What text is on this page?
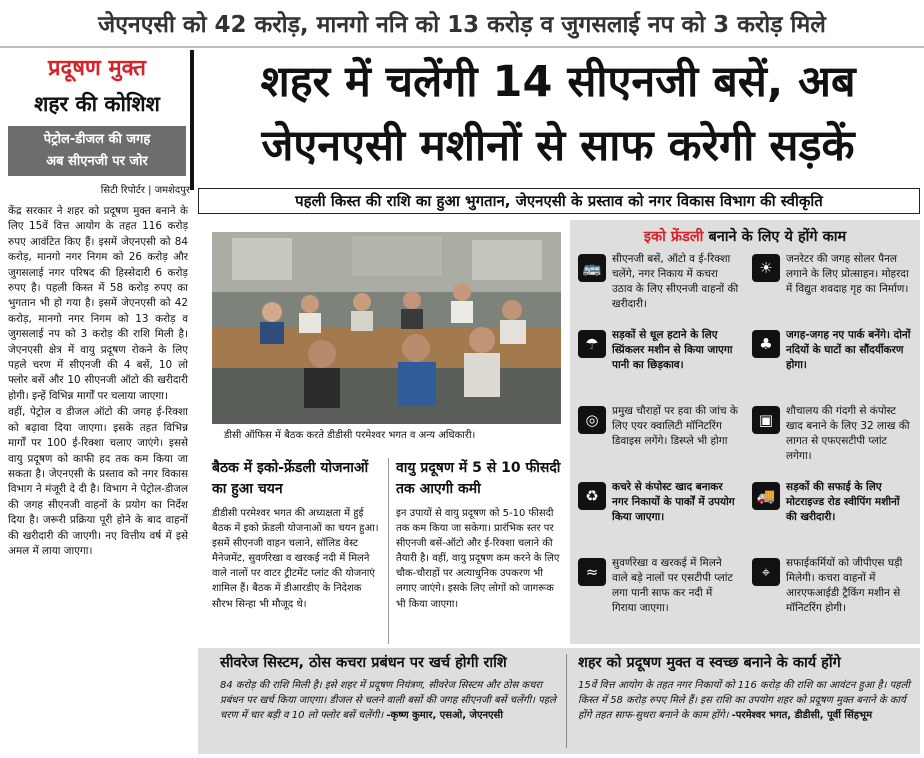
जेएनएसी को 42 करोड़, मानगो ननि को 13 करोड़ व जुगसलाई नप को 3 करोड़ मिले
प्रदूषण मुक्त
शहर की कोशिश
पेट्रोल-डीजल की जगह
अब सीएनजी पर जोर
शहर में चलेंगी 14 सीएनजी बसें, अब
जेएनएसी मशीनों से साफ करेगी सड़कें
सिटी रिपोर्टर | जमशेदपुर

केंद्र सरकार ने शहर को प्रदूषण मुक्त बनाने के लिए 15वें वित्त आयोग के तहत 116 करोड़ रुपए आवंटित किए हैं। इसमें जेएनएसी को 84 करोड़, मानगो नगर निगम को 26 करोड़ और जुगसलाई नगर परिषद की हिस्सेदारी 6 करोड़ रुपए है। पहली किस्त में 58 करोड़ रुपए का भुगतान भी हो गया है। इसमें जेएनएसी को 42 करोड़, मानगो नगर निगम को 13 करोड़ व जुगसलाई नप को 3 करोड़ की राशि मिली है। जेएनएसी क्षेत्र में वायु प्रदूषण रोकने के लिए पहले चरण में सीएनजी की 4 बसें, 10 लो फ्लोर बसें और 10 सीएनजी ऑटो की खरीदारी होगी। इन्हें विभिन्न मार्गों पर चलाया जाएगा।

वहीं, पेट्रोल व डीजल ऑटो की जगह ई-रिक्शा को बढ़ावा दिया जाएगा। इसके तहत विभिन्न मार्गों पर 100 ई-रिक्शा चलाए जाएंगे। इससे वायु प्रदूषण को काफी हद तक कम किया जा सकता है। जेएनएसी के प्रस्ताव को नगर विकास विभाग ने मंजूरी दे दी है। विभाग ने पेट्रोल-डीजल की जगह सीएनजी वाहनों के प्रयोग का निर्देश दिया है। जरूरी प्रक्रिया पूरी होने के बाद वाहनों की खरीदारी की जाएगी। नए वित्तीय वर्ष में इसे अमल में लाया जाएगा।

पहली किस्त की राशि का हुआ भुगतान, जेएनएसी के प्रस्ताव को नगर विकास विभाग की स्वीकृति
डीसी ऑफिस में बैठक करते डीडीसी परमेश्वर भगत व अन्य अधिकारी।
बैठक में इको-फ्रेंडली योजनाओं का हुआ चयन
डीडीसी परमेश्वर भगत की अध्यक्षता में हुई बैठक में इको फ्रेंडली योजनाओं का चयन हुआ। इसमें सीएनजी वाहन चलाने, सॉलिड वेस्ट मैनेजमेंट, सुवर्णरेखा व खरकई नदी में मिलने वाले नालों पर वाटर ट्रीटमेंट प्लांट की योजनाएं शामिल हैं। बैठक में डीआरडीए के निदेशक सौरभ सिन्हा भी मौजूद थे।
वायु प्रदूषण में 5 से 10 फीसदी तक आएगी कमी
इन उपायों से वायु प्रदूषण को 5-10 फीसदी तक कम किया जा सकेगा। प्रारंभिक स्तर पर सीएनजी बसें-ऑटो और ई-रिक्शा चलाने की तैयारी है। वहीं, वायु प्रदूषण कम करने के लिए चौक-चौराहों पर अत्याधुनिक उपकरण भी लगाए जाएंगे। इसके लिए लोगों को जागरूक भी किया जाएगा।
इको फ्रेंडली बनाने के लिए ये होंगे काम
🚌	सीएनजी बसें, ऑटो व ई-रिक्शा चलेंगे, नगर निकाय में कचरा उठाव के लिए सीएनजी वाहनों की खरीदारी।
☀	जनरेटर की जगह सोलर पैनल लगाने के लिए प्रोत्साहन। मोहरदा में विद्युत शवदाह गृह का निर्माण।
☂	सड़कों से धूल हटाने के लिए स्प्रिंकलर मशीन से किया जाएगा पानी का छिड़काव।
♣	जगह-जगह नए पार्क बनेंगे। दोनों नदियों के घाटों का सौंदर्यीकरण होगा।
◎	प्रमुख चौराहों पर हवा की जांच के लिए एयर क्वालिटी मॉनिटरिंग डिवाइस लगेंगे। डिस्प्ले भी होगा
▣	शौचालय की गंदगी से कंपोस्ट खाद बनाने के लिए 32 लाख की लागत से एफएसटीपी प्लांट लगेगा।
♻	कचरे से कंपोस्ट खाद बनाकर नगर निकायों के पार्कों में उपयोग किया जाएगा।
🚚	सड़कों की सफाई के लिए मोटराइज्ड रोड स्वीपिंग मशीनों की खरीदारी।
≈	सुवर्णरेखा व खरकई में मिलने वाले बड़े नालों पर एसटीपी प्लांट लगा पानी साफ कर नदी में गिराया जाएगा।
⌖	सफाईकर्मियों को जीपीएस घड़ी मिलेगी। कचरा वाहनों में आरएफआईडी ट्रैकिंग मशीन से मॉनिटरिंग होगी।
सीवरेज सिस्टम, ठोस कचरा प्रबंधन पर खर्च होगी राशि
84 करोड़ की राशि मिली है। इसे शहर में प्रदूषण नियंत्रण, सीवरेज सिस्टम और ठोस कचरा प्रबंधन पर खर्च किया जाएगा। डीजल से चलने वाली बसों की जगह सीएनजी बसें चलेंगी। पहले चरण में चार बड़ी व 10 लो फ्लोर बसें चलेंगी। -कृष्ण कुमार, एसओ, जेएनएसी
शहर को प्रदूषण मुक्त व स्वच्छ बनाने के कार्य होंगे
15वें वित्त आयोग के तहत नगर निकायों को 116 करोड़ की राशि का आवंटन हुआ है। पहली किस्त में 58 करोड़ रुपए मिले हैं। इस राशि का उपयोग शहर को प्रदूषण मुक्त बनाने के कार्य होंगे तहत साफ-सुथरा बनाने के काम होंगे। -परमेश्वर भगत, डीडीसी, पूर्वी सिंहभूम
